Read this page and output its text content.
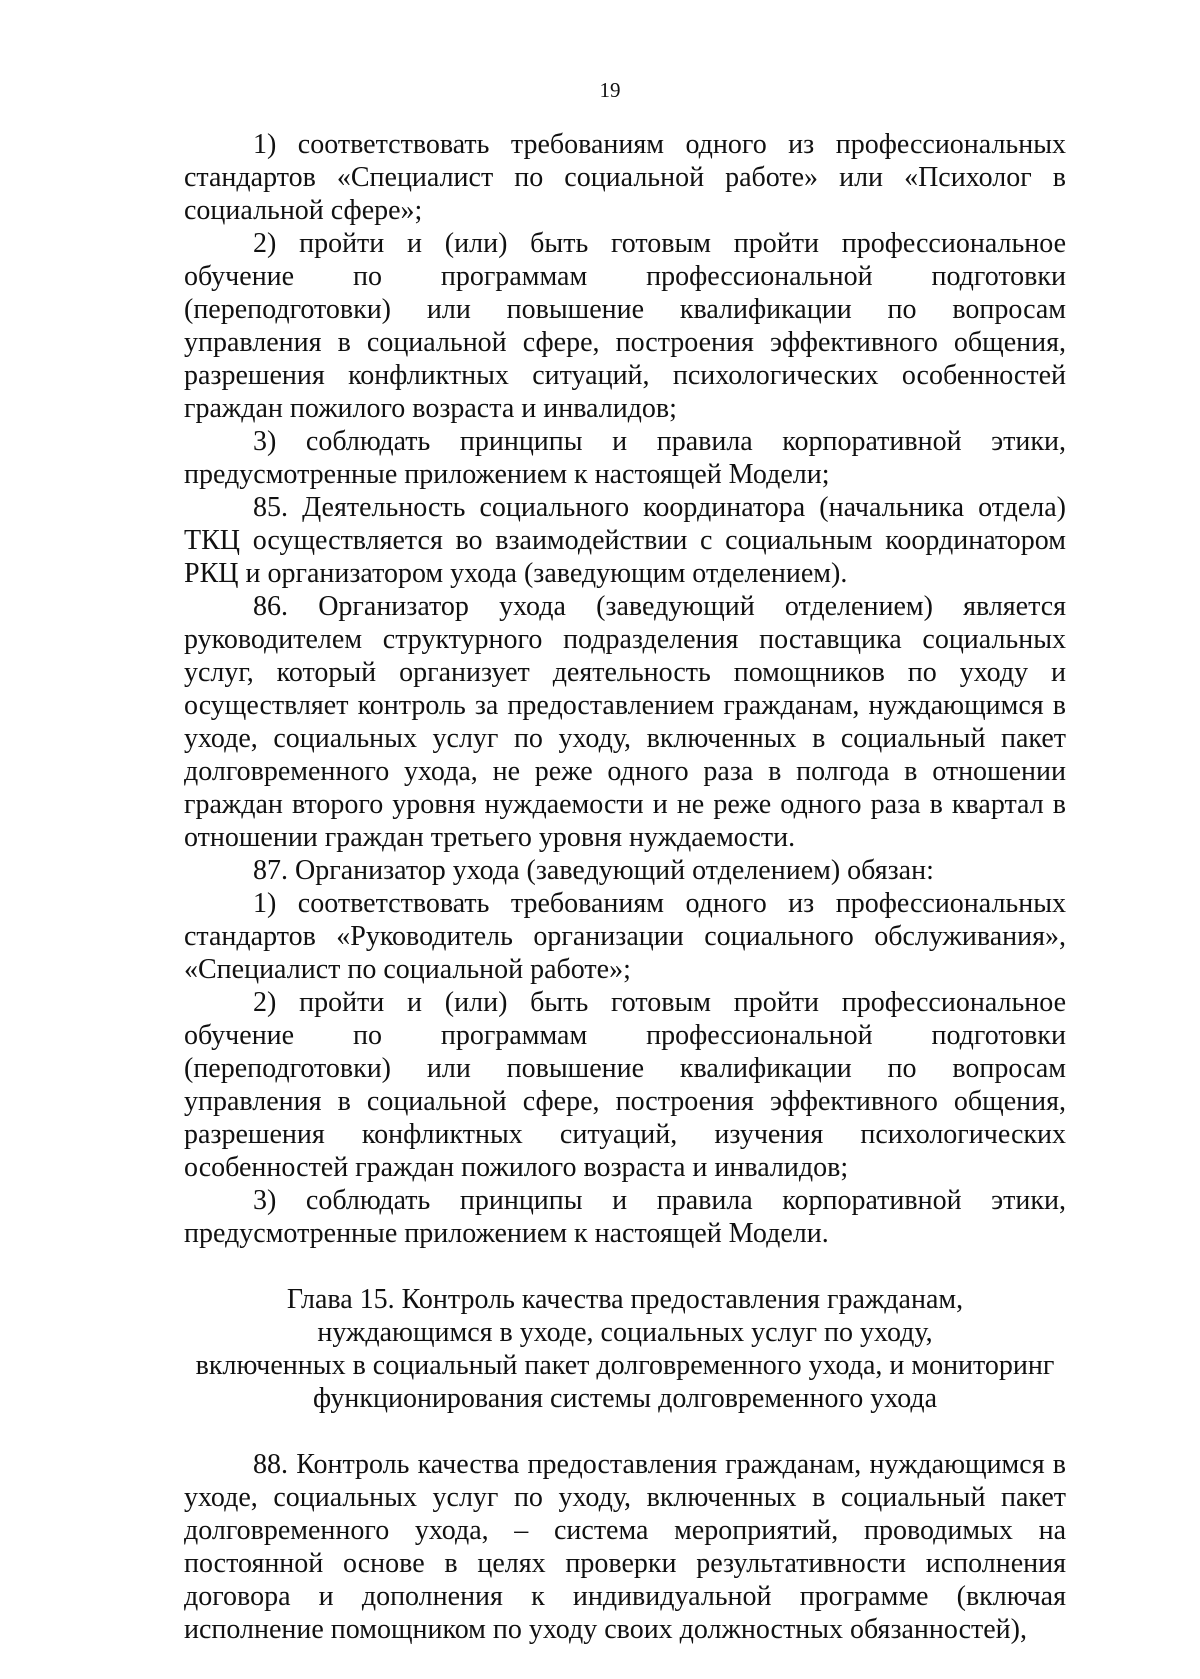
19

1) соответствовать требованиям одного из профессиональных стандартов «Специалист по социальной работе» или «Психолог в социальной сфере»;

2) пройти и (или) быть готовым пройти профессиональное обучение по программам профессиональной подготовки (переподготовки) или повышение квалификации по вопросам управления в социальной сфере, построения эффективного общения, разрешения конфликтных ситуаций, психологических особенностей граждан пожилого возраста и инвалидов;

3) соблюдать принципы и правила корпоративной этики, предусмотренные приложением к настоящей Модели;

85. Деятельность социального координатора (начальника отдела) ТКЦ осуществляется во взаимодействии с социальным координатором РКЦ и организатором ухода (заведующим отделением).

86. Организатор ухода (заведующий отделением) является руководителем структурного подразделения поставщика социальных услуг, который организует деятельность помощников по уходу и осуществляет контроль за предоставлением гражданам, нуждающимся в уходе, социальных услуг по уходу, включенных в социальный пакет долговременного ухода, не реже одного раза в полгода в отношении граждан второго уровня нуждаемости и не реже одного раза в квартал в отношении граждан третьего уровня нуждаемости.

87. Организатор ухода (заведующий отделением) обязан:

1) соответствовать требованиям одного из профессиональных стандартов «Руководитель организации социального обслуживания», «Специалист по социальной работе»;

2) пройти и (или) быть готовым пройти профессиональное обучение по программам профессиональной подготовки (переподготовки) или повышение квалификации по вопросам управления в социальной сфере, построения эффективного общения, разрешения конфликтных ситуаций, изучения психологических особенностей граждан пожилого возраста и инвалидов;

3) соблюдать принципы и правила корпоративной этики, предусмотренные приложением к настоящей Модели.

Глава 15. Контроль качества предоставления гражданам,
нуждающимся в уходе, социальных услуг по уходу,
включенных в социальный пакет долговременного ухода, и мониторинг
функционирования системы долговременного ухода

88. Контроль качества предоставления гражданам, нуждающимся в уходе, социальных услуг по уходу, включенных в социальный пакет долговременного ухода, – система мероприятий, проводимых на постоянной основе в целях проверки результативности исполнения договора и дополнения к индивидуальной программе (включая исполнение помощником по уходу своих должностных обязанностей),
